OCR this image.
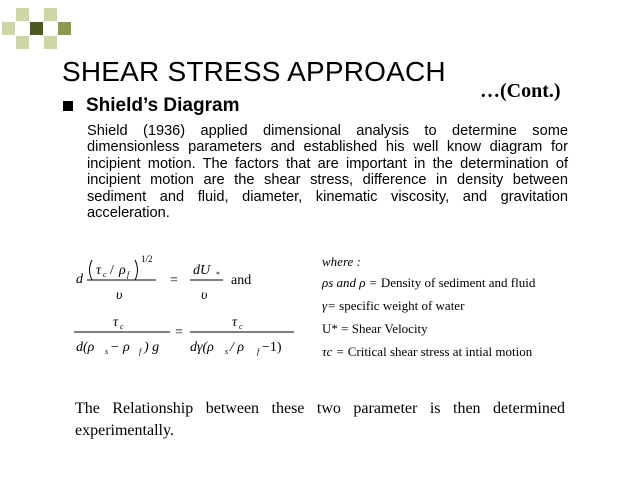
SHEAR STRESS APPROACH
…(Cont.)
Shield’s Diagram
Shield (1936) applied dimensional analysis to determine some dimensionless parameters and established his well know diagram for incipient motion. The factors that are important in the determination of incipient motion are the shear stress, difference in density between sediment and fluid, diameter, kinematic viscosity, and gravitation acceleration.
d
τ c / ρ f
1/2
υ
=
dU *
υ
and
τ c
d(ρ s − ρ f ) g
=
τ c
dγ(ρ s / ρ f −1)
where :
ρs and ρ = Density of sediment and fluid
γ= specific weight of water
U* = Shear Velocity
τc = Critical shear stress at intial motion
The Relationship between these two parameter is then determined experimentally.
